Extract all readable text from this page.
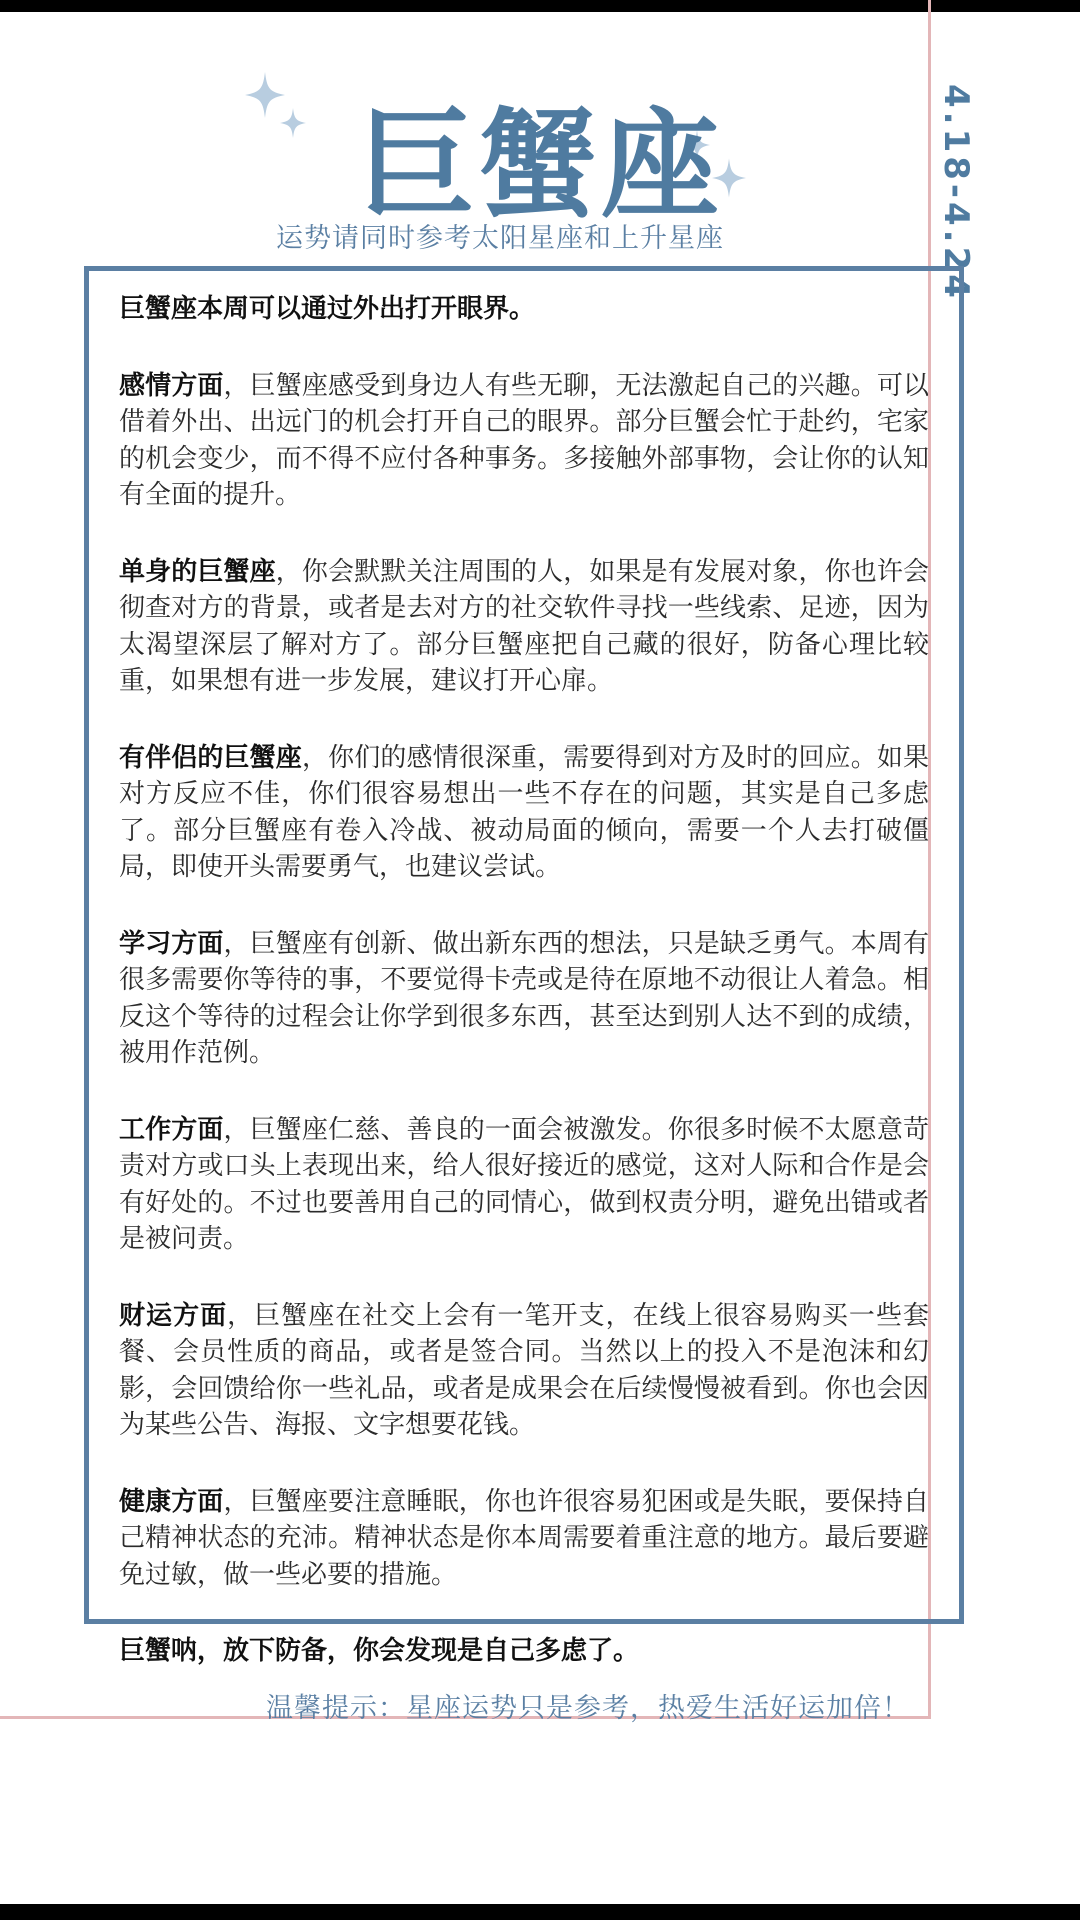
巨蟹座
运势请同时参考太阳星座和上升星座	4.18-4.24

巨蟹座本周可以通过外出打开眼界。

感情方面，巨蟹座感受到身边人有些无聊，无法激起自己的兴趣。可以借着外出、出远门的机会打开自己的眼界。部分巨蟹会忙于赴约，宅家的机会变少，而不得不应付各种事务。多接触外部事物，会让你的认知有全面的提升。

单身的巨蟹座，你会默默关注周围的人，如果是有发展对象，你也许会彻查对方的背景，或者是去对方的社交软件寻找一些线索、足迹，因为太渴望深层了解对方了。部分巨蟹座把自己藏的很好，防备心理比较重，如果想有进一步发展，建议打开心扉。

有伴侣的巨蟹座，你们的感情很深重，需要得到对方及时的回应。如果对方反应不佳，你们很容易想出一些不存在的问题，其实是自己多虑了。部分巨蟹座有卷入冷战、被动局面的倾向，需要一个人去打破僵局，即使开头需要勇气，也建议尝试。

学习方面，巨蟹座有创新、做出新东西的想法，只是缺乏勇气。本周有很多需要你等待的事，不要觉得卡壳或是待在原地不动很让人着急。相反这个等待的过程会让你学到很多东西，甚至达到别人达不到的成绩，被用作范例。

工作方面，巨蟹座仁慈、善良的一面会被激发。你很多时候不太愿意苛责对方或口头上表现出来，给人很好接近的感觉，这对人际和合作是会有好处的。不过也要善用自己的同情心，做到权责分明，避免出错或者是被问责。

财运方面，巨蟹座在社交上会有一笔开支，在线上很容易购买一些套餐、会员性质的商品，或者是签合同。当然以上的投入不是泡沫和幻影，会回馈给你一些礼品，或者是成果会在后续慢慢被看到。你也会因为某些公告、海报、文字想要花钱。

健康方面，巨蟹座要注意睡眠，你也许很容易犯困或是失眠，要保持自己精神状态的充沛。精神状态是你本周需要着重注意的地方。最后要避免过敏，做一些必要的措施。

巨蟹呐，放下防备，你会发现是自己多虑了。

温馨提示：星座运势只是参考，热爱生活好运加倍！
